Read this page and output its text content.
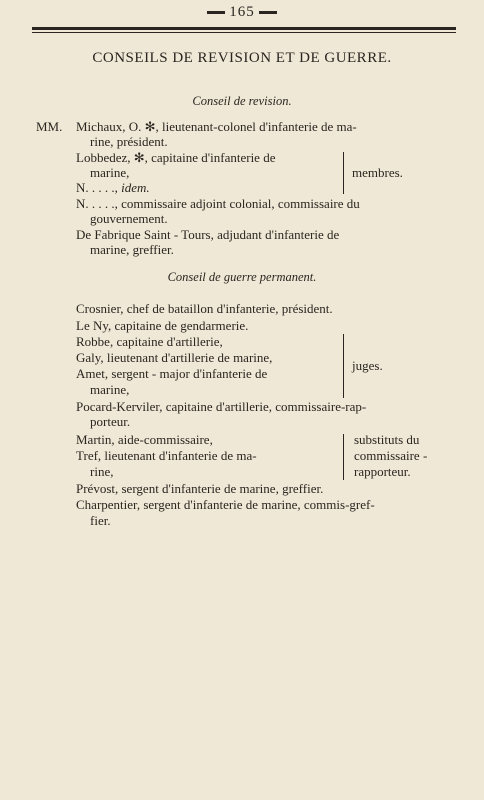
165
CONSEILS DE REVISION ET DE GUERRE.
Conseil de revision.
MM. Michaux, O. ✻, lieutenant-colonel d'infanterie de ma-
rine, président.
Lobbedez, ✻, capitaine d'infanterie de
marine,
N. . . . ., idem.
membres.
N. . . . ., commissaire adjoint colonial, commissaire du
gouvernement.
De Fabrique Saint - Tours, adjudant d'infanterie de
marine, greffier.
Conseil de guerre permanent.
Crosnier, chef de bataillon d'infanterie, président.
Le Ny, capitaine de gendarmerie.
Robbe, capitaine d'artillerie,
Galy, lieutenant d'artillerie de marine,
Amet, sergent - major d'infanterie de
marine,
juges.
Pocard-Kerviler, capitaine d'artillerie, commissaire-rap-
porteur.
Martin, aide-commissaire,
Tref, lieutenant d'infanterie de ma-
rine,
substituts du
commissaire -
rapporteur.
Prévost, sergent d'infanterie de marine, greffier.
Charpentier, sergent d'infanterie de marine, commis-gref-
fier.
